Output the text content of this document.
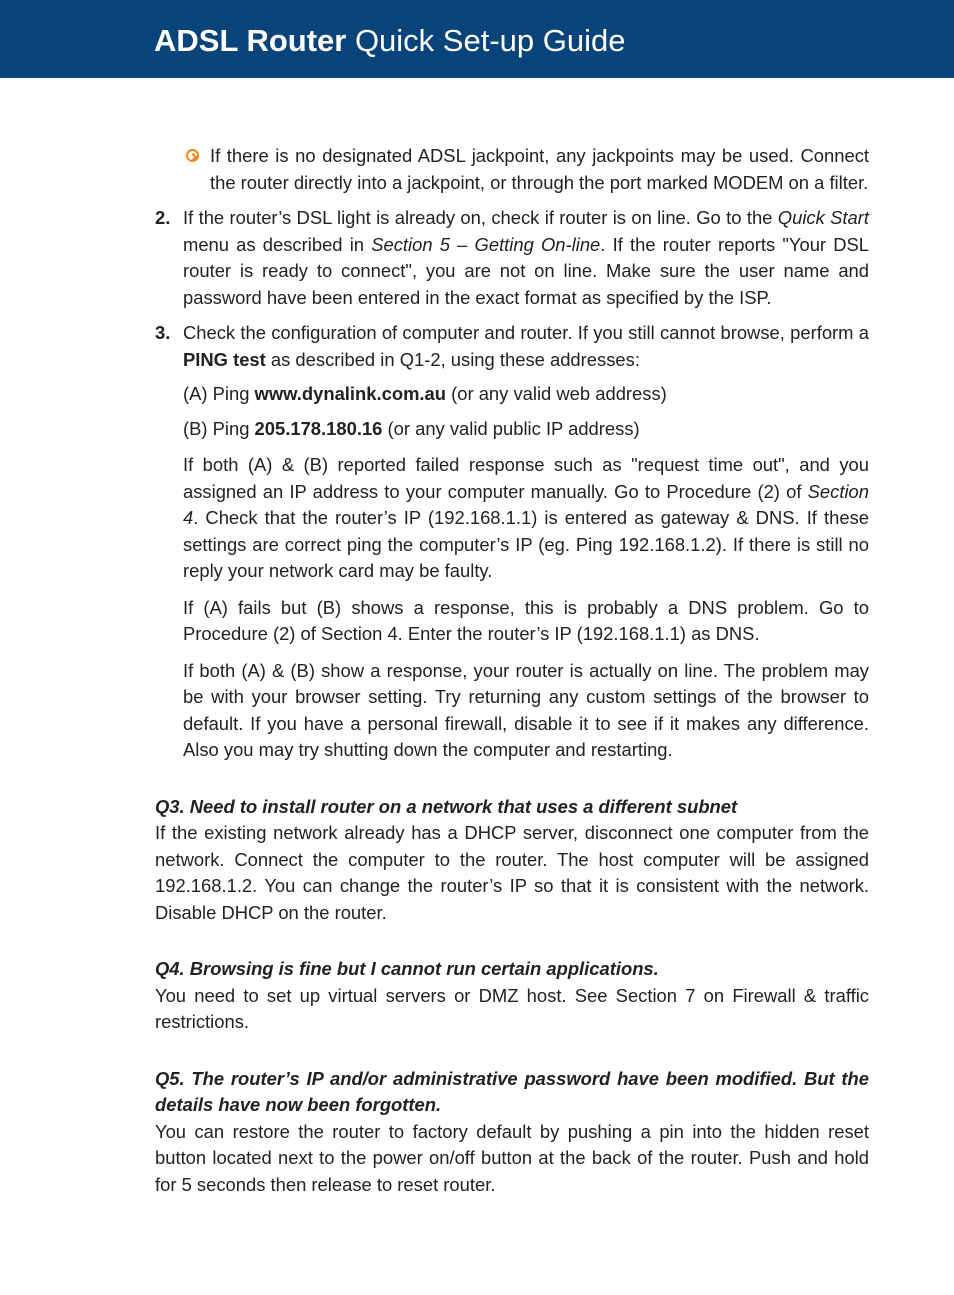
ADSL Router Quick Set-up Guide

If there is no designated ADSL jackpoint, any jackpoints may be used. Connect the router directly into a jackpoint, or through the port marked MODEM on a filter.

2. If the router’s DSL light is already on, check if router is on line. Go to the Quick Start menu as described in Section 5 – Getting On-line. If the router reports "Your DSL router is ready to connect", you are not on line. Make sure the user name and password have been entered in the exact format as specified by the ISP.

3. Check the configuration of computer and router. If you still cannot browse, perform a PING test as described in Q1-2, using these addresses:

(A) Ping www.dynalink.com.au (or any valid web address)

(B) Ping 205.178.180.16 (or any valid public IP address)

If both (A) & (B) reported failed response such as "request time out", and you assigned an IP address to your computer manually. Go to Procedure (2) of Section 4. Check that the router’s IP (192.168.1.1) is entered as gateway & DNS. If these settings are correct ping the computer’s IP (eg. Ping 192.168.1.2). If there is still no reply your network card may be faulty.

If (A) fails but (B) shows a response, this is probably a DNS problem. Go to Procedure (2) of Section 4. Enter the router’s IP (192.168.1.1) as DNS.

If both (A) & (B) show a response, your router is actually on line. The problem may be with your browser setting. Try returning any custom settings of the browser to default. If you have a personal firewall, disable it to see if it makes any difference. Also you may try shutting down the computer and restarting.

Q3. Need to install router on a network that uses a different subnet

If the existing network already has a DHCP server, disconnect one computer from the network. Connect the computer to the router. The host computer will be assigned 192.168.1.2. You can change the router’s IP so that it is consistent with the network. Disable DHCP on the router.

Q4. Browsing is fine but I cannot run certain applications.

You need to set up virtual servers or DMZ host. See Section 7 on Firewall & traffic restrictions.

Q5. The router’s IP and/or administrative password have been modified. But the details have now been forgotten.

You can restore the router to factory default by pushing a pin into the hidden reset button located next to the power on/off button at the back of the router. Push and hold for 5 seconds then release to reset router.
